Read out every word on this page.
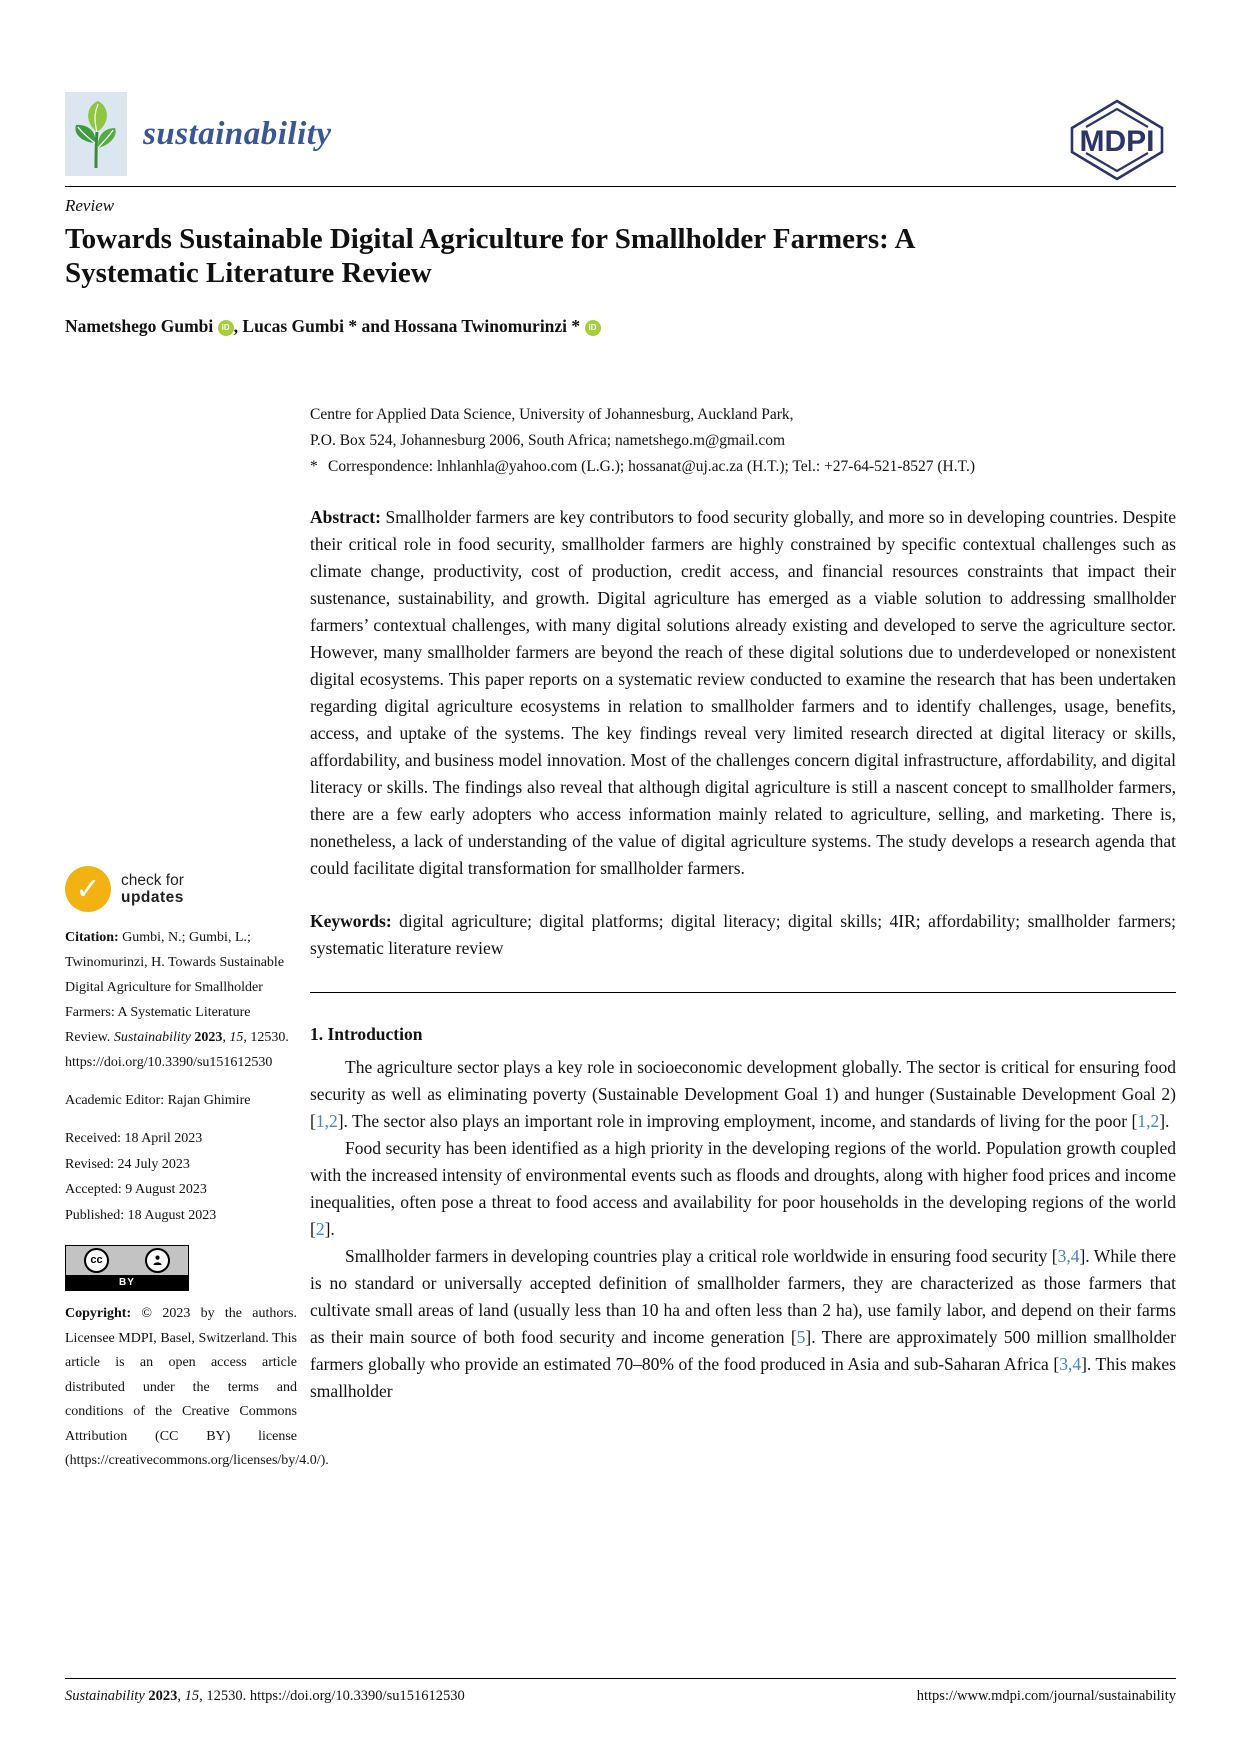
sustainability	MDPI
Review
Towards Sustainable Digital Agriculture for Smallholder Farmers: A Systematic Literature Review
Nametshego Gumbi iD , Lucas Gumbi * and Hossana Twinomurinzi * iD
✓	check for
updates
Citation: Gumbi, N.; Gumbi, L.; Twinomurinzi, H. Towards Sustainable Digital Agriculture for Smallholder Farmers: A Systematic Literature Review. Sustainability 2023, 15, 12530. https://doi.org/10.3390/su151612530
Academic Editor: Rajan Ghimire
Received: 18 April 2023
Revised: 24 July 2023
Accepted: 9 August 2023
Published: 18 August 2023
cc
BY
Copyright: © 2023 by the authors. Licensee MDPI, Basel, Switzerland. This article is an open access article distributed under the terms and conditions of the Creative Commons Attribution (CC BY) license (https://creativecommons.org/licenses/by/4.0/).
Centre for Applied Data Science, University of Johannesburg, Auckland Park,
P.O. Box 524, Johannesburg 2006, South Africa; nametshego.m@gmail.com
* Correspondence: lnhlanhla@yahoo.com (L.G.); hossanat@uj.ac.za (H.T.); Tel.: +27-64-521-8527 (H.T.)

Abstract: Smallholder farmers are key contributors to food security globally, and more so in developing countries. Despite their critical role in food security, smallholder farmers are highly constrained by specific contextual challenges such as climate change, productivity, cost of production, credit access, and financial resources constraints that impact their sustenance, sustainability, and growth. Digital agriculture has emerged as a viable solution to addressing smallholder farmers’ contextual challenges, with many digital solutions already existing and developed to serve the agriculture sector. However, many smallholder farmers are beyond the reach of these digital solutions due to underdeveloped or nonexistent digital ecosystems. This paper reports on a systematic review conducted to examine the research that has been undertaken regarding digital agriculture ecosystems in relation to smallholder farmers and to identify challenges, usage, benefits, access, and uptake of the systems. The key findings reveal very limited research directed at digital literacy or skills, affordability, and business model innovation. Most of the challenges concern digital infrastructure, affordability, and digital literacy or skills. The findings also reveal that although digital agriculture is still a nascent concept to smallholder farmers, there are a few early adopters who access information mainly related to agriculture, selling, and marketing. There is, nonetheless, a lack of understanding of the value of digital agriculture systems. The study develops a research agenda that could facilitate digital transformation for smallholder farmers.

Keywords: digital agriculture; digital platforms; digital literacy; digital skills; 4IR; affordability; smallholder farmers; systematic literature review

1. Introduction

The agriculture sector plays a key role in socioeconomic development globally. The sector is critical for ensuring food security as well as eliminating poverty (Sustainable Development Goal 1) and hunger (Sustainable Development Goal 2) [1,2]. The sector also plays an important role in improving employment, income, and standards of living for the poor [1,2].

Food security has been identified as a high priority in the developing regions of the world. Population growth coupled with the increased intensity of environmental events such as floods and droughts, along with higher food prices and income inequalities, often pose a threat to food access and availability for poor households in the developing regions of the world [2].

Smallholder farmers in developing countries play a critical role worldwide in ensuring food security [3,4]. While there is no standard or universally accepted definition of smallholder farmers, they are characterized as those farmers that cultivate small areas of land (usually less than 10 ha and often less than 2 ha), use family labor, and depend on their farms as their main source of both food security and income generation [5]. There are approximately 500 million smallholder farmers globally who provide an estimated 70–80% of the food produced in Asia and sub-Saharan Africa [3,4]. This makes smallholder

Sustainability 2023, 15, 12530. https://doi.org/10.3390/su151612530	https://www.mdpi.com/journal/sustainability
